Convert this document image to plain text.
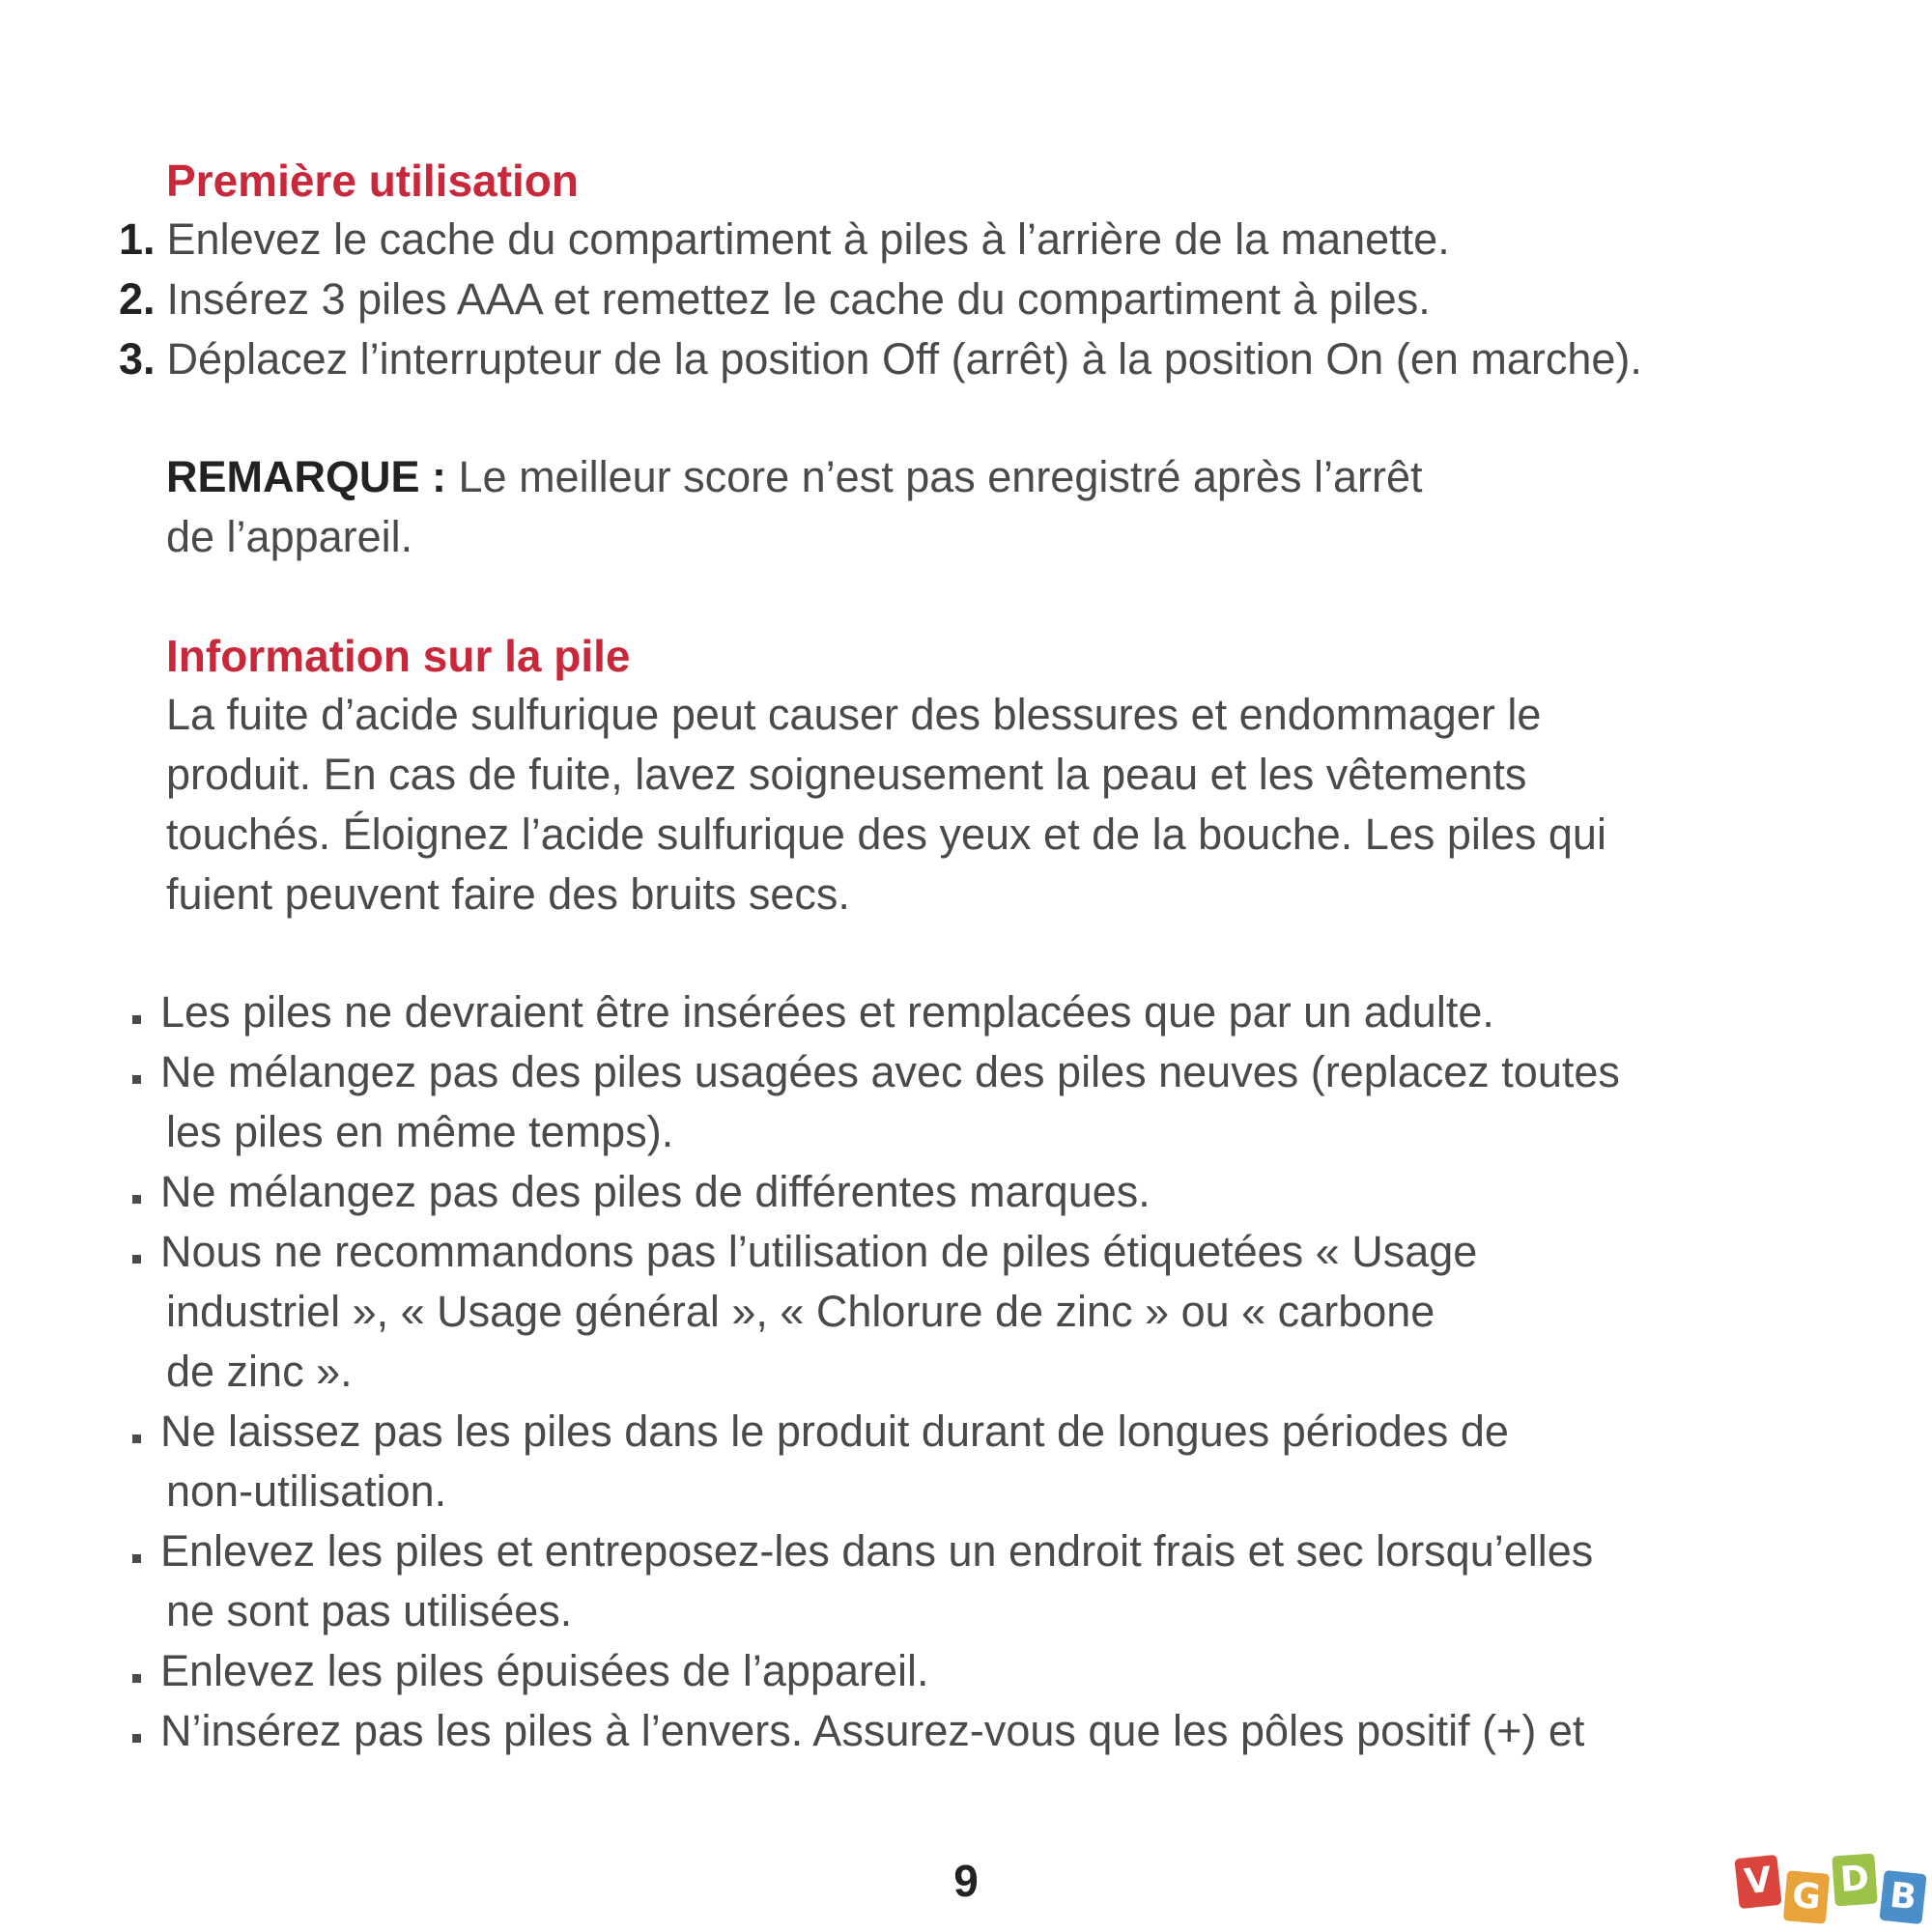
Première utilisation
1. Enlevez le cache du compartiment à piles à l’arrière de la manette.
2. Insérez 3 piles AAA et remettez le cache du compartiment à piles.
3. Déplacez l’interrupteur de la position Off (arrêt) à la position On (en marche).
REMARQUE : Le meilleur score n’est pas enregistré après l’arrêt
de l’appareil.
Information sur la pile
La fuite d’acide sulfurique peut causer des blessures et endommager le
produit. En cas de fuite, lavez soigneusement la peau et les vêtements
touchés. Éloignez l’acide sulfurique des yeux et de la bouche. Les piles qui
fuient peuvent faire des bruits secs.
Les piles ne devraient être insérées et remplacées que par un adulte.
Ne mélangez pas des piles usagées avec des piles neuves (replacez toutes
les piles en même temps).
Ne mélangez pas des piles de différentes marques.
Nous ne recommandons pas l’utilisation de piles étiquetées « Usage
industriel », « Usage général », « Chlorure de zinc » ou « carbone
de zinc ».
Ne laissez pas les piles dans le produit durant de longues périodes de
non-utilisation.
Enlevez les piles et entreposez-les dans un endroit frais et sec lorsqu’elles
ne sont pas utilisées.
Enlevez les piles épuisées de l’appareil.
N’insérez pas les piles à l’envers. Assurez-vous que les pôles positif (+) et
9	V G D B
